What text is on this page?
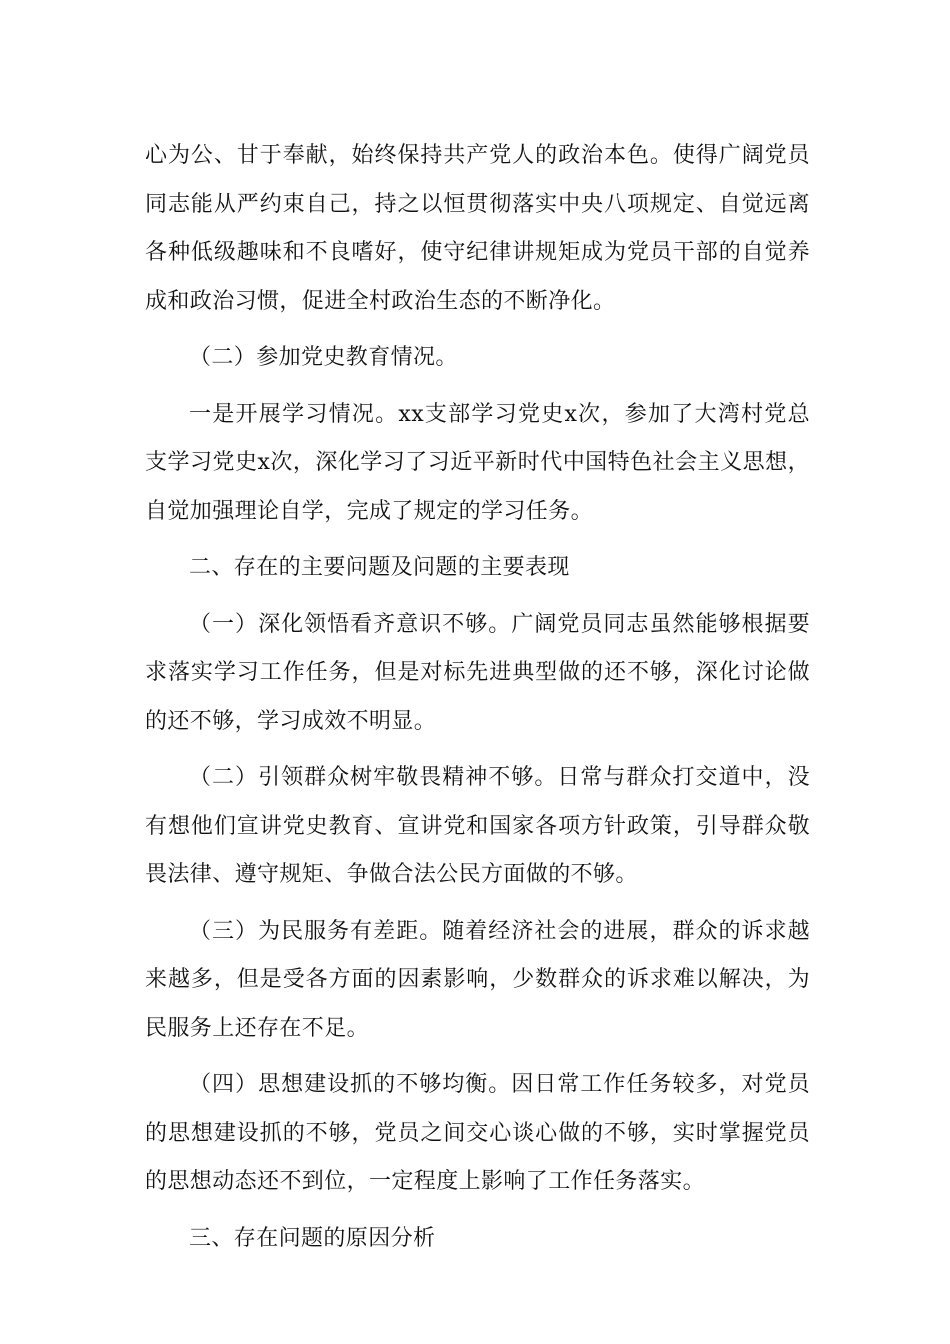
心为公、甘于奉献，始终保持共产党人的政治本色。使得广阔党员
同志能从严约束自己，持之以恒贯彻落实中央八项规定、自觉远离
各种低级趣味和不良嗜好，使守纪律讲规矩成为党员干部的自觉养
成和政治习惯，促进全村政治生态的不断净化。
（二）参加党史教育情况。
一是开展学习情况。xx支部学习党史x次，参加了大湾村党总
支学习党史x次，深化学习了习近平新时代中国特色社会主义思想，
自觉加强理论自学，完成了规定的学习任务。
二、存在的主要问题及问题的主要表现
（一）深化领悟看齐意识不够。广阔党员同志虽然能够根据要
求落实学习工作任务，但是对标先进典型做的还不够，深化讨论做
的还不够，学习成效不明显。
（二）引领群众树牢敬畏精神不够。日常与群众打交道中，没
有想他们宣讲党史教育、宣讲党和国家各项方针政策，引导群众敬
畏法律、遵守规矩、争做合法公民方面做的不够。
（三）为民服务有差距。随着经济社会的进展，群众的诉求越
来越多，但是受各方面的因素影响，少数群众的诉求难以解决，为
民服务上还存在不足。
（四）思想建设抓的不够均衡。因日常工作任务较多，对党员
的思想建设抓的不够，党员之间交心谈心做的不够，实时掌握党员
的思想动态还不到位，一定程度上影响了工作任务落实。
三、存在问题的原因分析
